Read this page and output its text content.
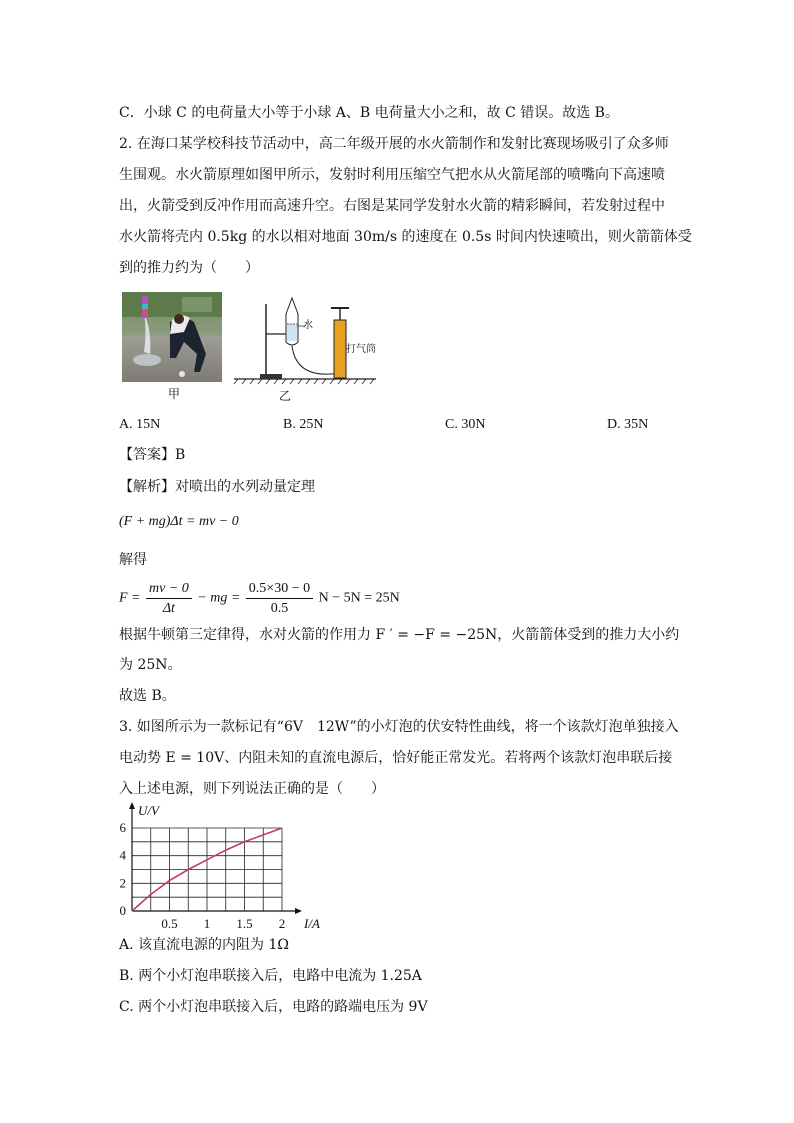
C．小球 C 的电荷量大小等于小球 A、B 电荷量大小之和，故 C 错误。故选 B。
2. 在海口某学校科技节活动中，高二年级开展的水火箭制作和发射比赛现场吸引了众多师
生围观。水火箭原理如图甲所示，发射时利用压缩空气把水从火箭尾部的喷嘴向下高速喷
出，火箭受到反冲作用而高速升空。右图是某同学发射水火箭的精彩瞬间，若发射过程中
水火箭将壳内 0.5kg 的水以相对地面 30m/s 的速度在 0.5s 时间内快速喷出，则火箭箭体受
到的推力约为（　　）
甲
水
打气筒
乙
A. 15N	B. 25N	C. 30N	D. 35N
【答案】B
【解析】对喷出的水列动量定理
(F + mg)Δt = mv − 0
解得
$F = \frac{mv - 0}{\Delta t}$ − mg = $\frac{0.5\times 30 - 0}{0.5}$ N − 5N = 25N
根据牛顿第三定律得，水对火箭的作用力 F ′ = −F = −25N，火箭箭体受到的推力大小约
为 25N。
故选 B。
3. 如图所示为一款标记有“6V　12W”的小灯泡的伏安特性曲线，将一个该款灯泡单独接入
电动势 E = 10V、内阻未知的直流电源后，恰好能正常发光。若将两个该款灯泡串联后接
入上述电源，则下列说法正确的是（　　）
0
2
4
6
0.5 1 1.5 2
U/V
I/A
A. 该直流电源的内阻为 1Ω
B. 两个小灯泡串联接入后，电路中电流为 1.25A
C. 两个小灯泡串联接入后，电路的路端电压为 9V
